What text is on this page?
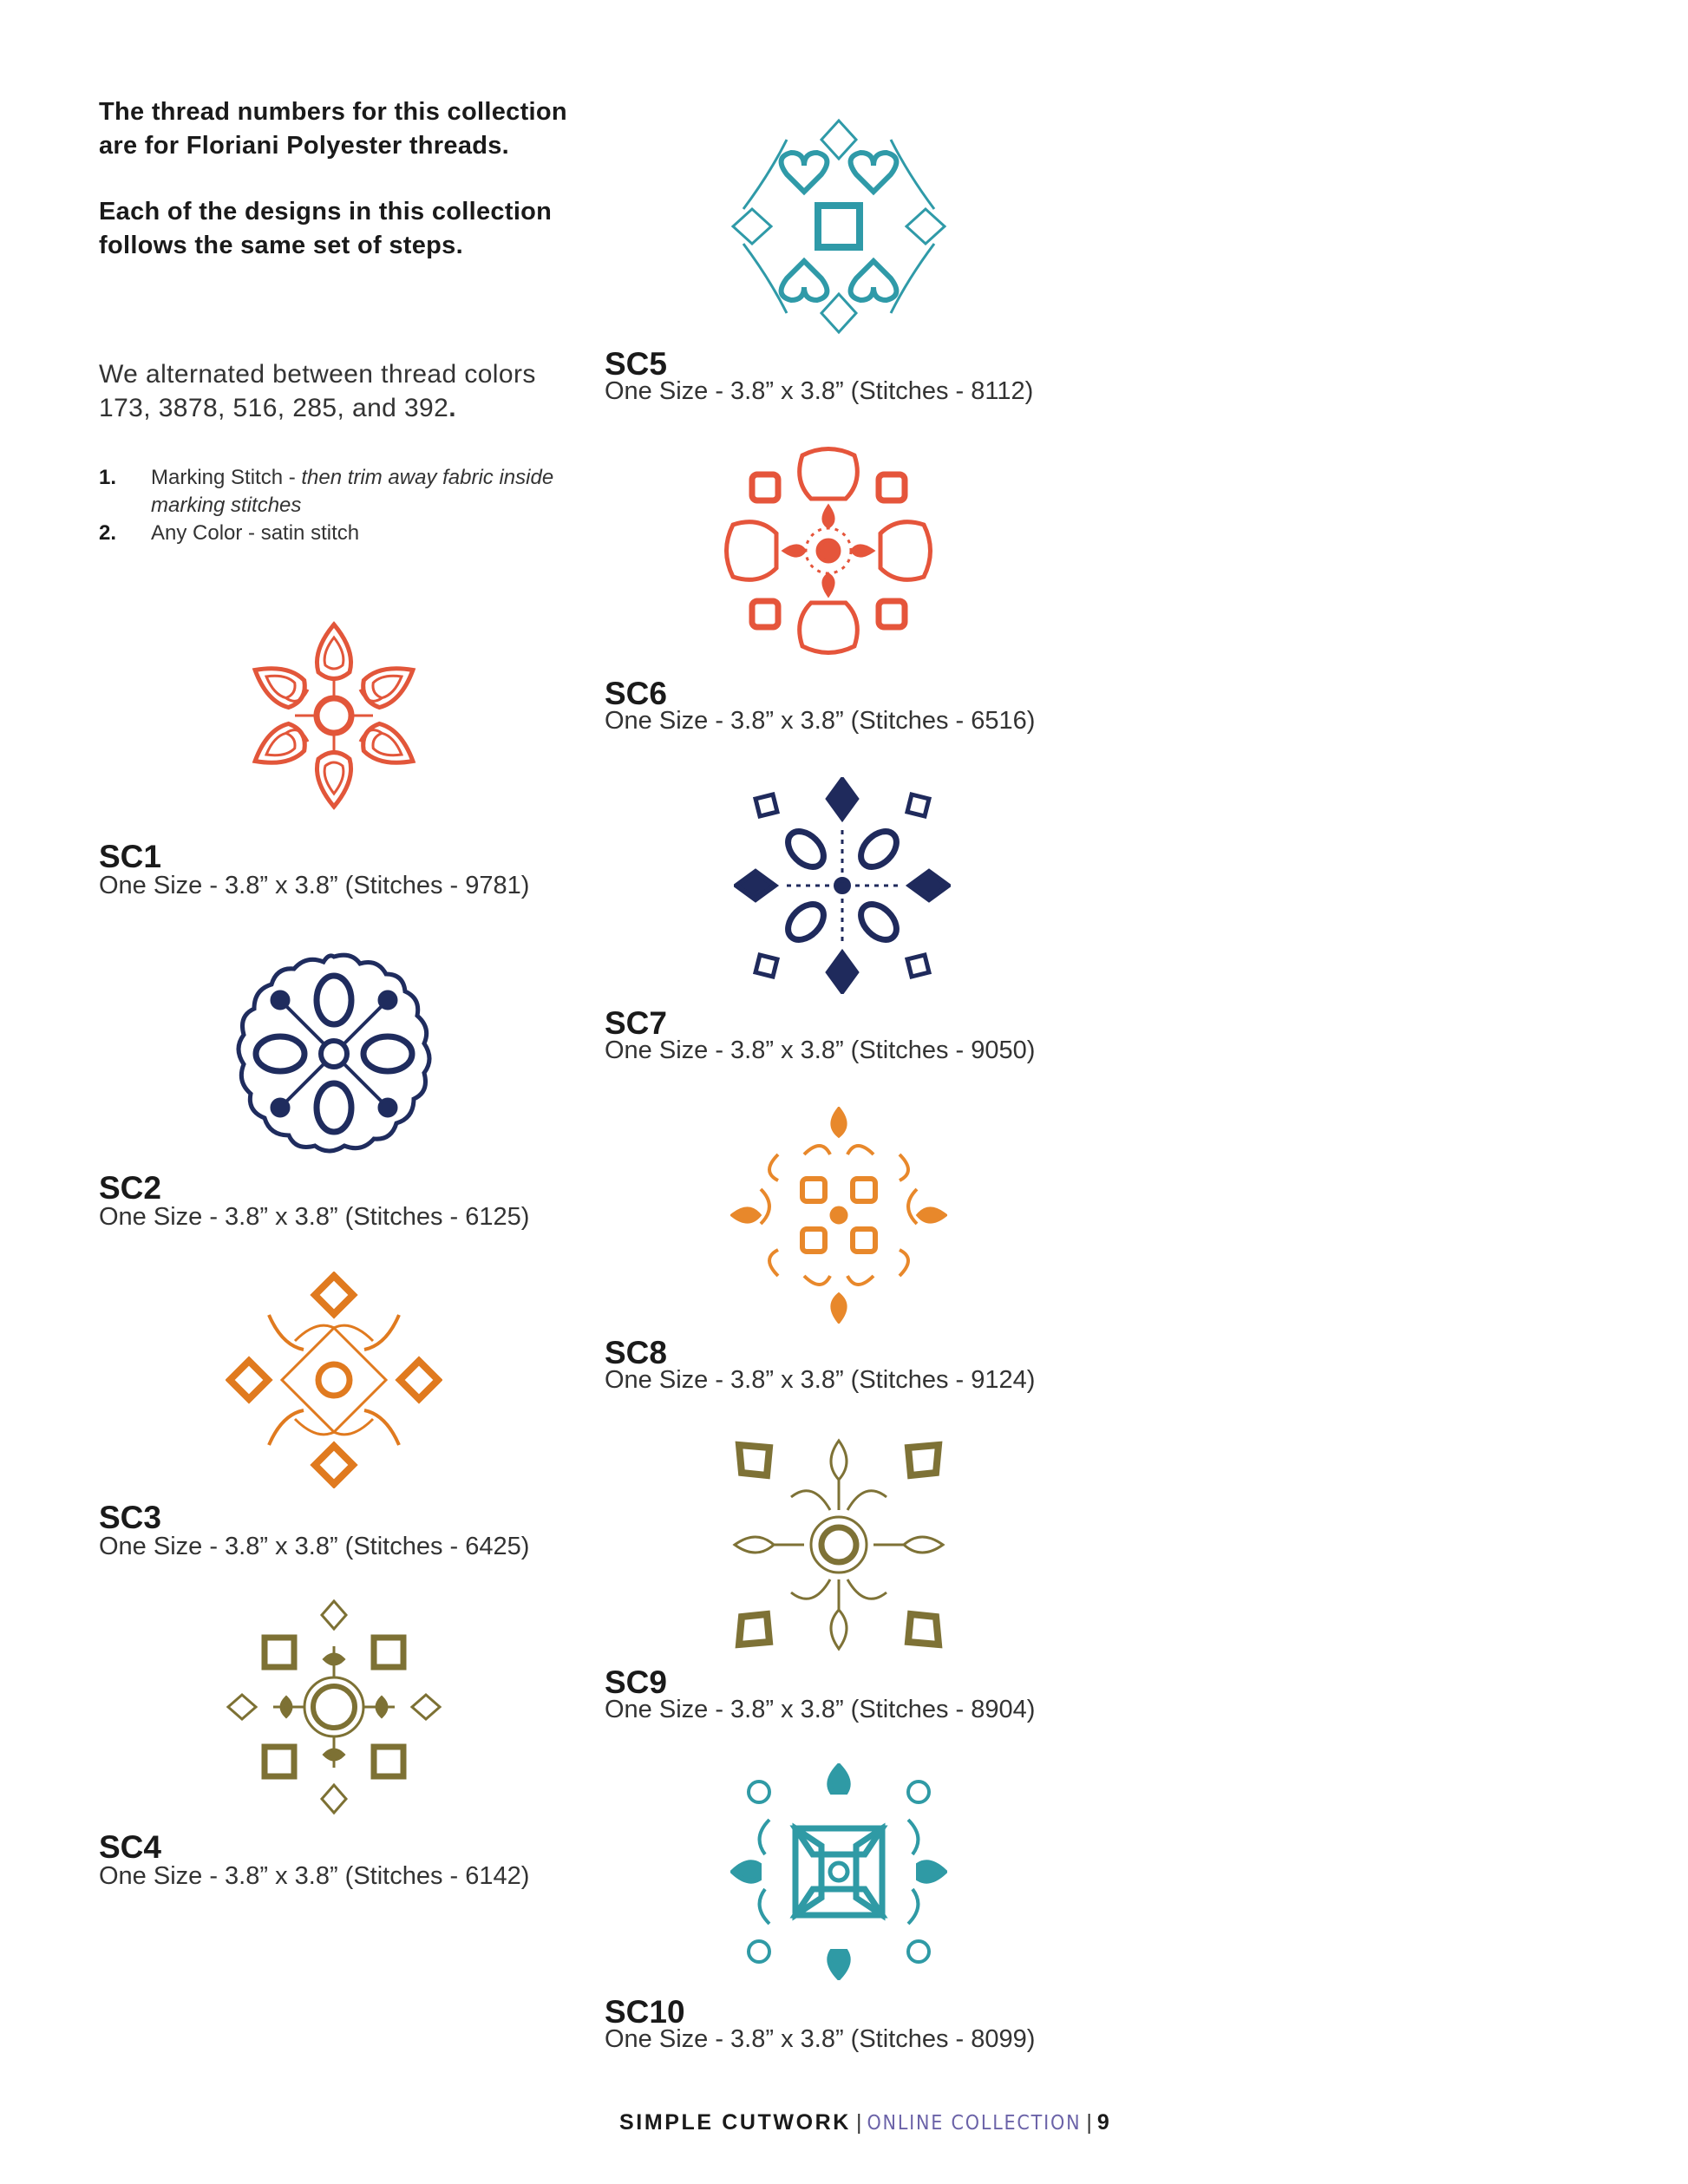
The thread numbers for this collection are for Floriani Polyester threads.

Each of the designs in this collection follows the same set of steps.

We alternated between thread colors 173, 3878, 516, 285, and 392.
1. Marking Stitch - then trim away fabric inside marking stitches
2. Any Color - satin stitch
SC1
One Size - 3.8” x 3.8” (Stitches - 9781)
SC2
One Size - 3.8” x 3.8” (Stitches - 6125)
SC3
One Size - 3.8” x 3.8” (Stitches - 6425)
SC4
One Size - 3.8” x 3.8” (Stitches - 6142)
SC5
One Size - 3.8” x 3.8” (Stitches - 8112)
SC6
One Size - 3.8” x 3.8” (Stitches - 6516)
SC7
One Size - 3.8” x 3.8” (Stitches - 9050)
SC8
One Size - 3.8” x 3.8” (Stitches - 9124)
SC9
One Size - 3.8” x 3.8” (Stitches - 8904)
SC10
One Size - 3.8” x 3.8” (Stitches - 8099)
SIMPLE CUTWORK | ONLINE COLLECTION | 9
